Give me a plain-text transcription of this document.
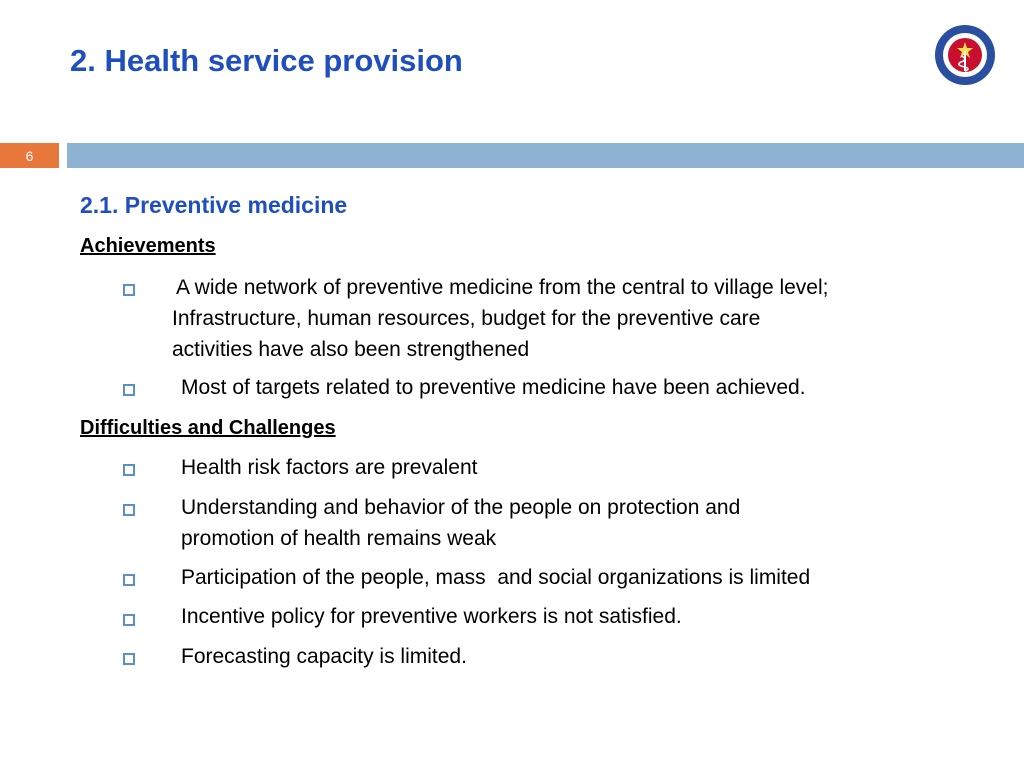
2. Health service provision
6
2.1. Preventive medicine
Achievements
A wide network of preventive medicine from the central to village level;
Infrastructure, human resources, budget for the preventive care
activities have also been strengthened
Most of targets related to preventive medicine have been achieved.
Difficulties and Challenges
Health risk factors are prevalent
Understanding and behavior of the people on protection and
promotion of health remains weak
Participation of the people, mass  and social organizations is limited
Incentive policy for preventive workers is not satisfied.
Forecasting capacity is limited.
